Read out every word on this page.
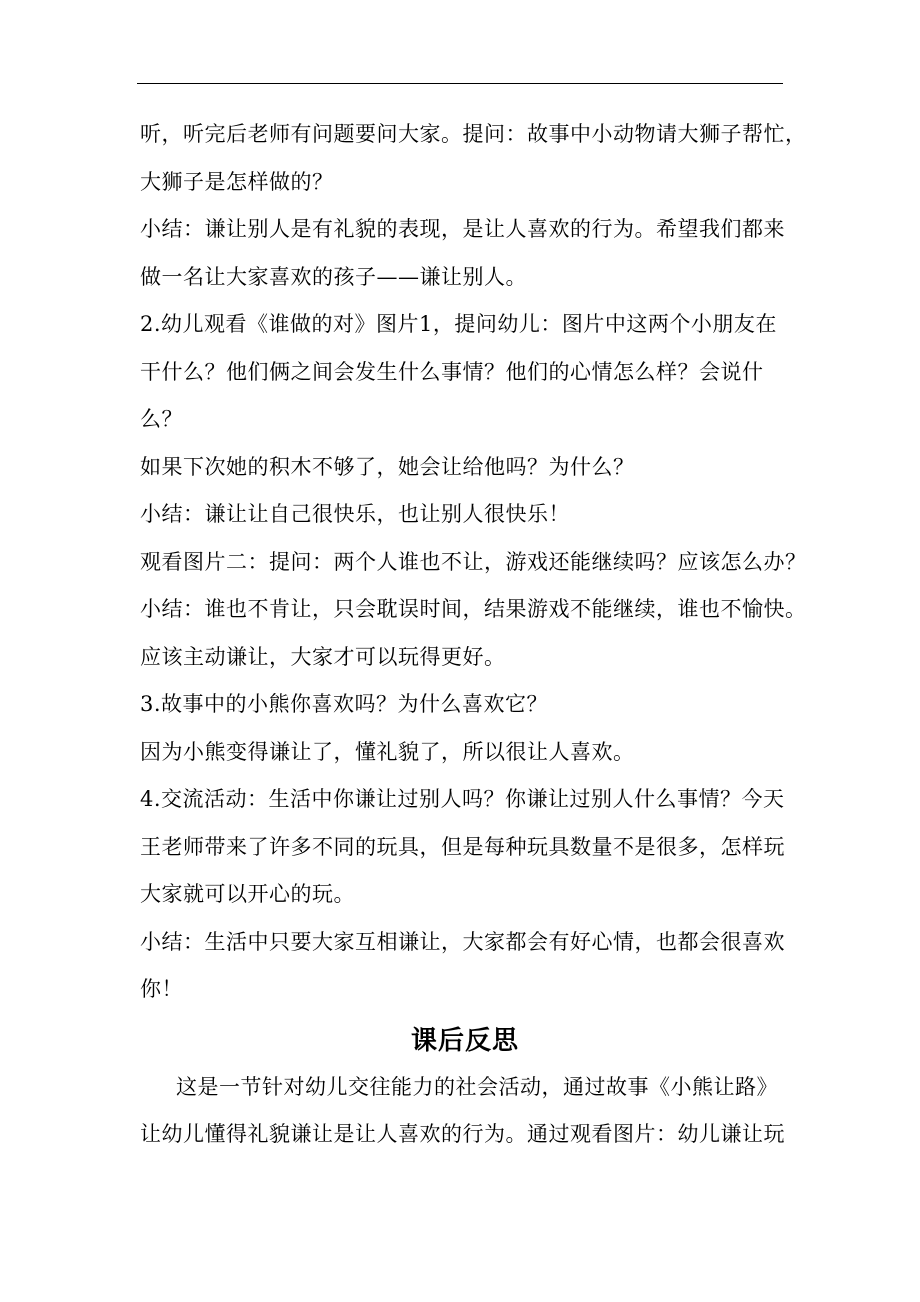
听，听完后老师有问题要问大家。提问：故事中小动物请大狮子帮忙，
大狮子是怎样做的？
小结：谦让别人是有礼貌的表现，是让人喜欢的行为。希望我们都来
做一名让大家喜欢的孩子——谦让别人。
2.幼儿观看《谁做的对》图片1，提问幼儿：图片中这两个小朋友在
干什么？他们俩之间会发生什么事情？他们的心情怎么样？会说什
么？
如果下次她的积木不够了，她会让给他吗？为什么？
小结：谦让让自己很快乐，也让别人很快乐！
观看图片二：提问：两个人谁也不让，游戏还能继续吗？应该怎么办？
小结：谁也不肯让，只会耽误时间，结果游戏不能继续，谁也不愉快。
应该主动谦让，大家才可以玩得更好。
3.故事中的小熊你喜欢吗？为什么喜欢它？
因为小熊变得谦让了，懂礼貌了，所以很让人喜欢。
4.交流活动：生活中你谦让过别人吗？你谦让过别人什么事情？今天
王老师带来了许多不同的玩具，但是每种玩具数量不是很多，怎样玩
大家就可以开心的玩。
小结：生活中只要大家互相谦让，大家都会有好心情，也都会很喜欢
你！
课后反思
这是一节针对幼儿交往能力的社会活动，通过故事《小熊让路》
让幼儿懂得礼貌谦让是让人喜欢的行为。通过观看图片：幼儿谦让玩
